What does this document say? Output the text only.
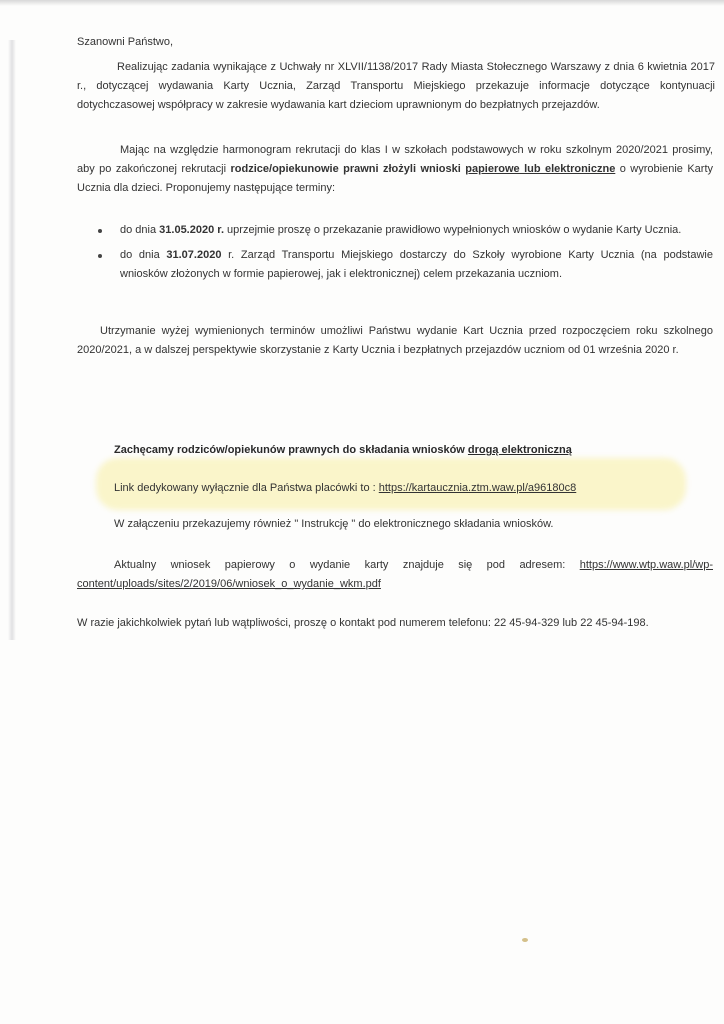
Szanowni Państwo,

Realizując zadania wynikające z Uchwały nr XLVII/1138/2017 Rady Miasta Stołecznego Warszawy z dnia 6 kwietnia 2017 r., dotyczącej wydawania Karty Ucznia, Zarząd Transportu Miejskiego przekazuje informacje dotyczące kontynuacji dotychczasowej współpracy w zakresie wydawania kart dzieciom uprawnionym do bezpłatnych przejazdów.

Mając na względzie harmonogram rekrutacji do klas I w szkołach podstawowych w roku szkolnym 2020/2021 prosimy, aby po zakończonej rekrutacji rodzice/opiekunowie prawni złożyli wnioski papierowe lub elektroniczne o wyrobienie Karty Ucznia dla dzieci. Proponujemy następujące terminy:

do dnia 31.05.2020 r. uprzejmie proszę o przekazanie prawidłowo wypełnionych wniosków o wydanie Karty Ucznia.
do dnia 31.07.2020 r. Zarząd Transportu Miejskiego dostarczy do Szkoły wyrobione Karty Ucznia (na podstawie wniosków złożonych w formie papierowej, jak i elektronicznej) celem przekazania uczniom.

Utrzymanie wyżej wymienionych terminów umożliwi Państwu wydanie Kart Ucznia przed rozpoczęciem roku szkolnego 2020/2021, a w dalszej perspektywie skorzystanie z Karty Ucznia i bezpłatnych przejazdów uczniom od 01 września 2020 r.

Zachęcamy rodziców/opiekunów prawnych do składania wniosków drogą elektroniczną

Link dedykowany wyłącznie dla Państwa placówki to : https://kartaucznia.ztm.waw.pl/a96180c8

W załączeniu przekazujemy również " Instrukcję " do elektronicznego składania wniosków.

Aktualny wniosek papierowy o wydanie karty znajduje się pod adresem: https://www.wtp.waw.pl/wp-content/uploads/sites/2/2019/06/wniosek_o_wydanie_wkm.pdf

W razie jakichkolwiek pytań lub wątpliwości, proszę o kontakt pod numerem telefonu: 22 45-94-329 lub 22 45-94-198.
